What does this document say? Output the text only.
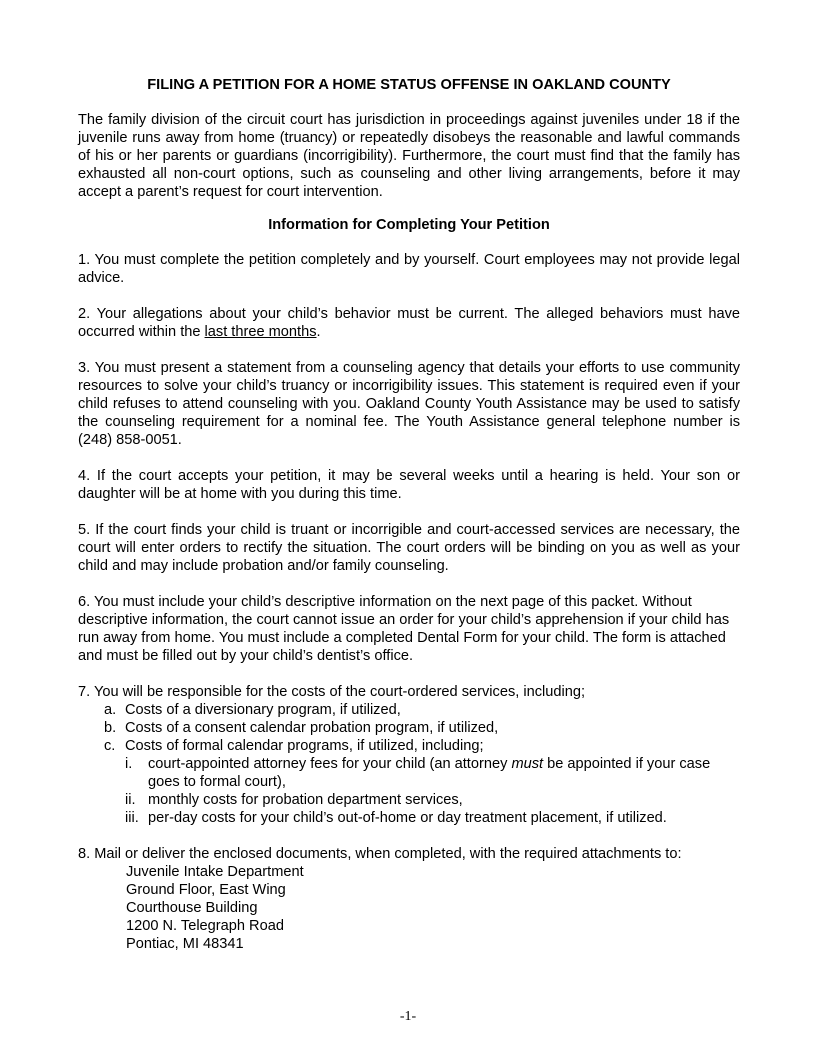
FILING A PETITION FOR A HOME STATUS OFFENSE IN OAKLAND COUNTY

The family division of the circuit court has jurisdiction in proceedings against juveniles under 18 if the juvenile runs away from home (truancy) or repeatedly disobeys the reasonable and lawful commands of his or her parents or guardians (incorrigibility). Furthermore, the court must find that the family has exhausted all non-court options, such as counseling and other living arrangements, before it may accept a parent’s request for court intervention.

Information for Completing Your Petition

1. You must complete the petition completely and by yourself. Court employees may not provide legal advice.

2. Your allegations about your child’s behavior must be current. The alleged behaviors must have occurred within the last three months.

3. You must present a statement from a counseling agency that details your efforts to use community resources to solve your child’s truancy or incorrigibility issues. This statement is required even if your child refuses to attend counseling with you. Oakland County Youth Assistance may be used to satisfy the counseling requirement for a nominal fee. The Youth Assistance general telephone number is (248) 858-0051.

4. If the court accepts your petition, it may be several weeks until a hearing is held. Your son or daughter will be at home with you during this time.

5. If the court finds your child is truant or incorrigible and court-accessed services are necessary, the court will enter orders to rectify the situation. The court orders will be binding on you as well as your child and may include probation and/or family counseling.

6. You must include your child’s descriptive information on the next page of this packet. Without descriptive information, the court cannot issue an order for your child’s apprehension if your child has run away from home. You must include a completed Dental Form for your child. The form is attached and must be filled out by your child’s dentist’s office.

7. You will be responsible for the costs of the court-ordered services, including;
a. Costs of a diversionary program, if utilized,
b. Costs of a consent calendar probation program, if utilized,
c. Costs of formal calendar programs, if utilized, including;
i. court-appointed attorney fees for your child (an attorney must be appointed if your case goes to formal court),
ii. monthly costs for probation department services,
iii. per-day costs for your child’s out-of-home or day treatment placement, if utilized.

8. Mail or deliver the enclosed documents, when completed, with the required attachments to:

Juvenile Intake Department
Ground Floor, East Wing
Courthouse Building
1200 N. Telegraph Road
Pontiac, MI 48341
-1-
